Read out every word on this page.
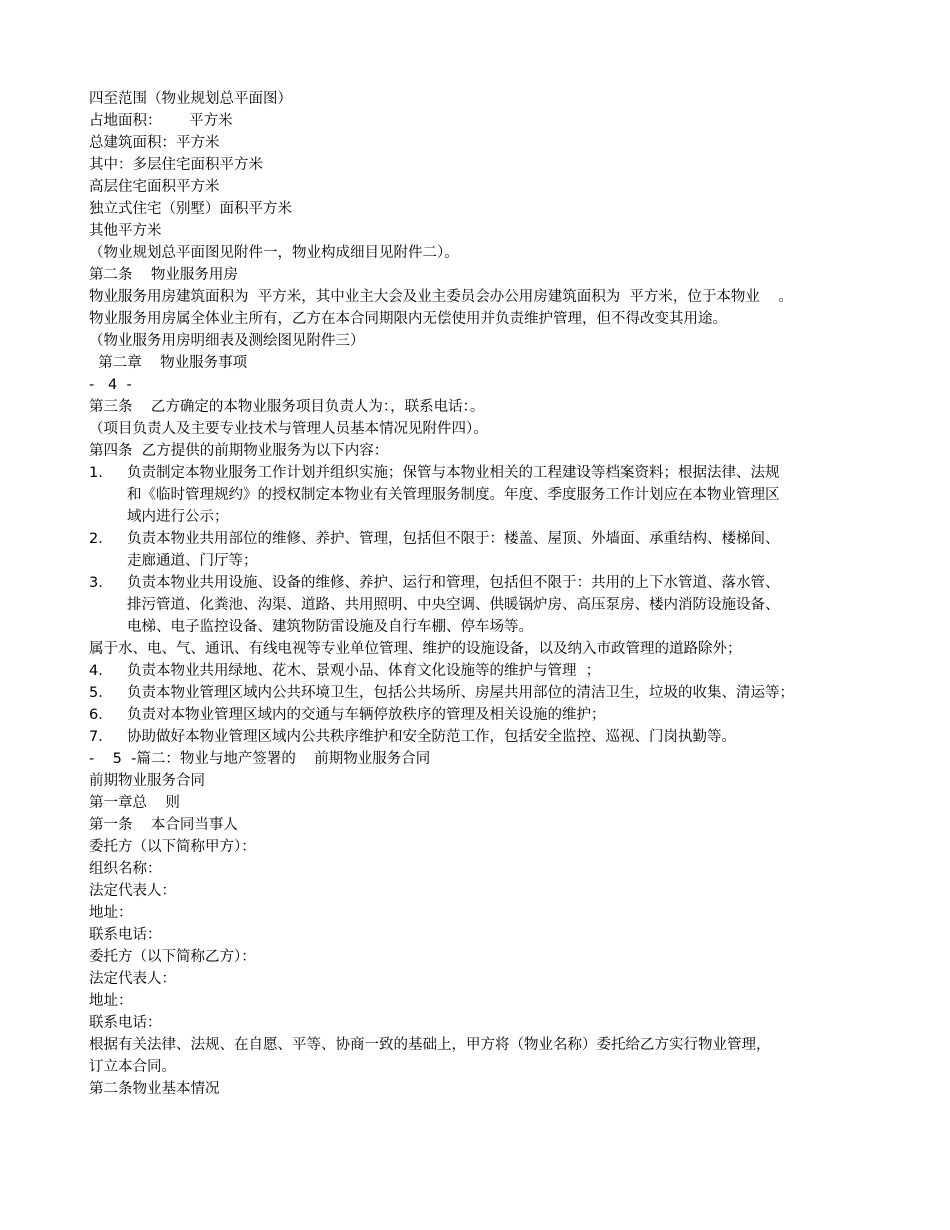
四至范围（物业规划总平面图）

占地面积：      平方米

总建筑面积：平方米

其中：多层住宅面积平方米

高层住宅面积平方米

独立式住宅（别墅）面积平方米

其他平方米

（物业规划总平面图见附件一，物业构成细目见附件二）。

第二条    物业服务用房

物业服务用房建筑面积为  平方米，其中业主大会及业主委员会办公用房建筑面积为  平方米，位于本物业    。

物业服务用房属全体业主所有，乙方在本合同期限内无偿使用并负责维护管理，但不得改变其用途。

（物业服务用房明细表及测绘图见附件三）

第二章    物业服务事项

-   4  -

第三条    乙方确定的本物业服务项目负责人为：，联系电话：。

（项目负责人及主要专业技术与管理人员基本情况见附件四）。

第四条  乙方提供的前期物业服务为以下内容：

1． 负责制定本物业服务工作计划并组织实施；保管与本物业相关的工程建设等档案资料；根据法律、法规
和《临时管理规约》的授权制定本物业有关管理服务制度。年度、季度服务工作计划应在本物业管理区
域内进行公示；
2． 负责本物业共用部位的维修、养护、管理，包括但不限于：楼盖、屋顶、外墙面、承重结构、楼梯间、
走廊通道、门厅等；
3． 负责本物业共用设施、设备的维修、养护、运行和管理，包括但不限于：共用的上下水管道、落水管、
排污管道、化粪池、沟渠、道路、共用照明、中央空调、供暖锅炉房、高压泵房、楼内消防设施设备、
电梯、电子监控设备、建筑物防雷设施及自行车棚、停车场等。

属于水、电、气、通讯、有线电视等专业单位管理、维护的设施设备，以及纳入市政管理的道路除外；

4． 负责本物业共用绿地、花木、景观小品、体育文化设施等的维护与管理  ；
5． 负责本物业管理区域内公共环境卫生，包括公共场所、房屋共用部位的清洁卫生，垃圾的收集、清运等；
6． 负责对本物业管理区域内的交通与车辆停放秩序的管理及相关设施的维护；
7． 协助做好本物业管理区域内公共秩序维护和安全防范工作，包括安全监控、巡视、门岗执勤等。

-    5  -篇二：物业与地产签署的    前期物业服务合同

前期物业服务合同

第一章总    则

第一条    本合同当事人

委托方（以下简称甲方）：

组织名称：

法定代表人：

地址：

联系电话：

委托方（以下简称乙方）：

法定代表人：

地址：

联系电话：

根据有关法律、法规、在自愿、平等、协商一致的基础上，甲方将（物业名称）委托给乙方实行物业管理，

订立本合同。

第二条物业基本情况
